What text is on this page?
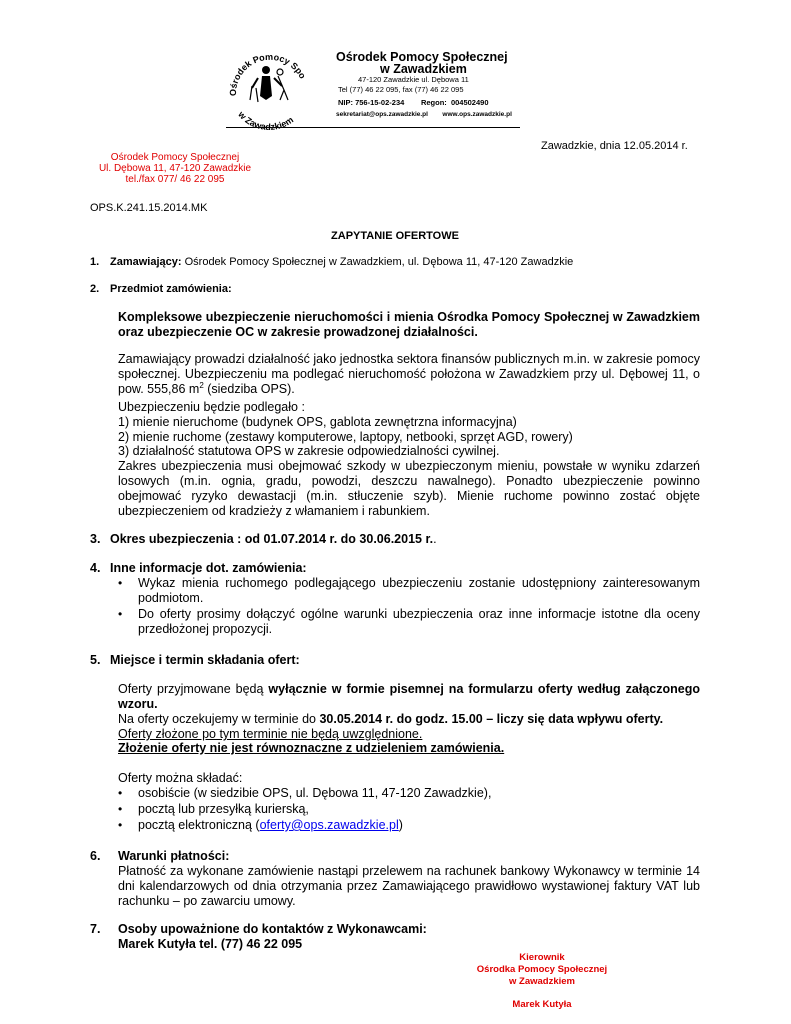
Ośrodek Pomocy Spo
w Zawadzkiem
Ośrodek Pomocy Społecznej
w Zawadzkiem
47-120 Zawadzkie ul. Dębowa 11
Tel (77) 46 22 095, fax (77) 46 22 095
NIP: 756-15-02-234        Regon:  004502490
sekretariat@ops.zawadzkie.pl        www.ops.zawadzkie.pl
Zawadzkie, dnia 12.05.2014 r.
Ośrodek Pomocy Społecznej
Ul. Dębowa 11, 47-120 Zawadzkie
tel./fax 077/ 46 22 095
OPS.K.241.15.2014.MK
ZAPYTANIE OFERTOWE
1. Zamawiający: Ośrodek Pomocy Społecznej w Zawadzkiem, ul. Dębowa 11, 47-120 Zawadzkie
2. Przedmiot zamówienia:
Kompleksowe ubezpieczenie nieruchomości i mienia Ośrodka Pomocy Społecznej w Zawadzkiem oraz ubezpieczenie OC w zakresie prowadzonej działalności.
Zamawiający prowadzi działalność jako jednostka sektora finansów publicznych m.in. w zakresie pomocy społecznej. Ubezpieczeniu ma podlegać nieruchomość położona w Zawadzkiem przy ul. Dębowej 11, o pow. 555,86 $m^2$ (siedziba OPS).
Ubezpieczeniu będzie podlegało :
1) mienie nieruchome (budynek OPS, gablota zewnętrzna informacyjna)
2) mienie ruchome (zestawy komputerowe, laptopy, netbooki, sprzęt AGD, rowery)
3) działalność statutowa OPS w zakresie odpowiedzialności cywilnej.
Zakres ubezpieczenia musi obejmować szkody w ubezpieczonym mieniu, powstałe w wyniku zdarzeń losowych (m.in. ognia, gradu, powodzi, deszczu nawalnego). Ponadto ubezpieczenie powinno obejmować ryzyko dewastacji (m.in. stłuczenie szyb). Mienie ruchome powinno zostać objęte ubezpieczeniem od kradzieży z włamaniem i rabunkiem.
3. Okres ubezpieczenia : od 01.07.2014 r. do 30.06.2015 r..
4. Inne informacje dot. zamówienia:
• Wykaz mienia ruchomego podlegającego ubezpieczeniu zostanie udostępniony zainteresowanym podmiotom.
• Do oferty prosimy dołączyć ogólne warunki ubezpieczenia oraz inne informacje istotne dla oceny przedłożonej propozycji.
5. Miejsce i termin składania ofert:
Oferty przyjmowane będą wyłącznie w formie pisemnej na formularzu oferty według załączonego wzoru.
Na oferty oczekujemy w terminie do 30.05.2014 r. do godz. 15.00 – liczy się data wpływu oferty.
Oferty złożone po tym terminie nie będą uwzględnione.
Złożenie oferty nie jest równoznaczne z udzieleniem zamówienia.
Oferty można składać:
• osobiście (w siedzibie OPS, ul. Dębowa 11, 47-120 Zawadzkie),
• pocztą lub przesyłką kurierską,
• pocztą elektroniczną (oferty@ops.zawadzkie.pl)
6. Warunki płatności:
Płatność za wykonane zamówienie nastąpi przelewem na rachunek bankowy Wykonawcy w terminie 14 dni kalendarzowych od dnia otrzymania przez Zamawiającego prawidłowo wystawionej faktury VAT lub rachunku – po zawarciu umowy.
7. Osoby upoważnione do kontaktów z Wykonawcami:
Marek Kutyła tel. (77) 46 22 095
Kierownik
Ośrodka Pomocy Społecznej
w Zawadzkiem
Marek Kutyła
